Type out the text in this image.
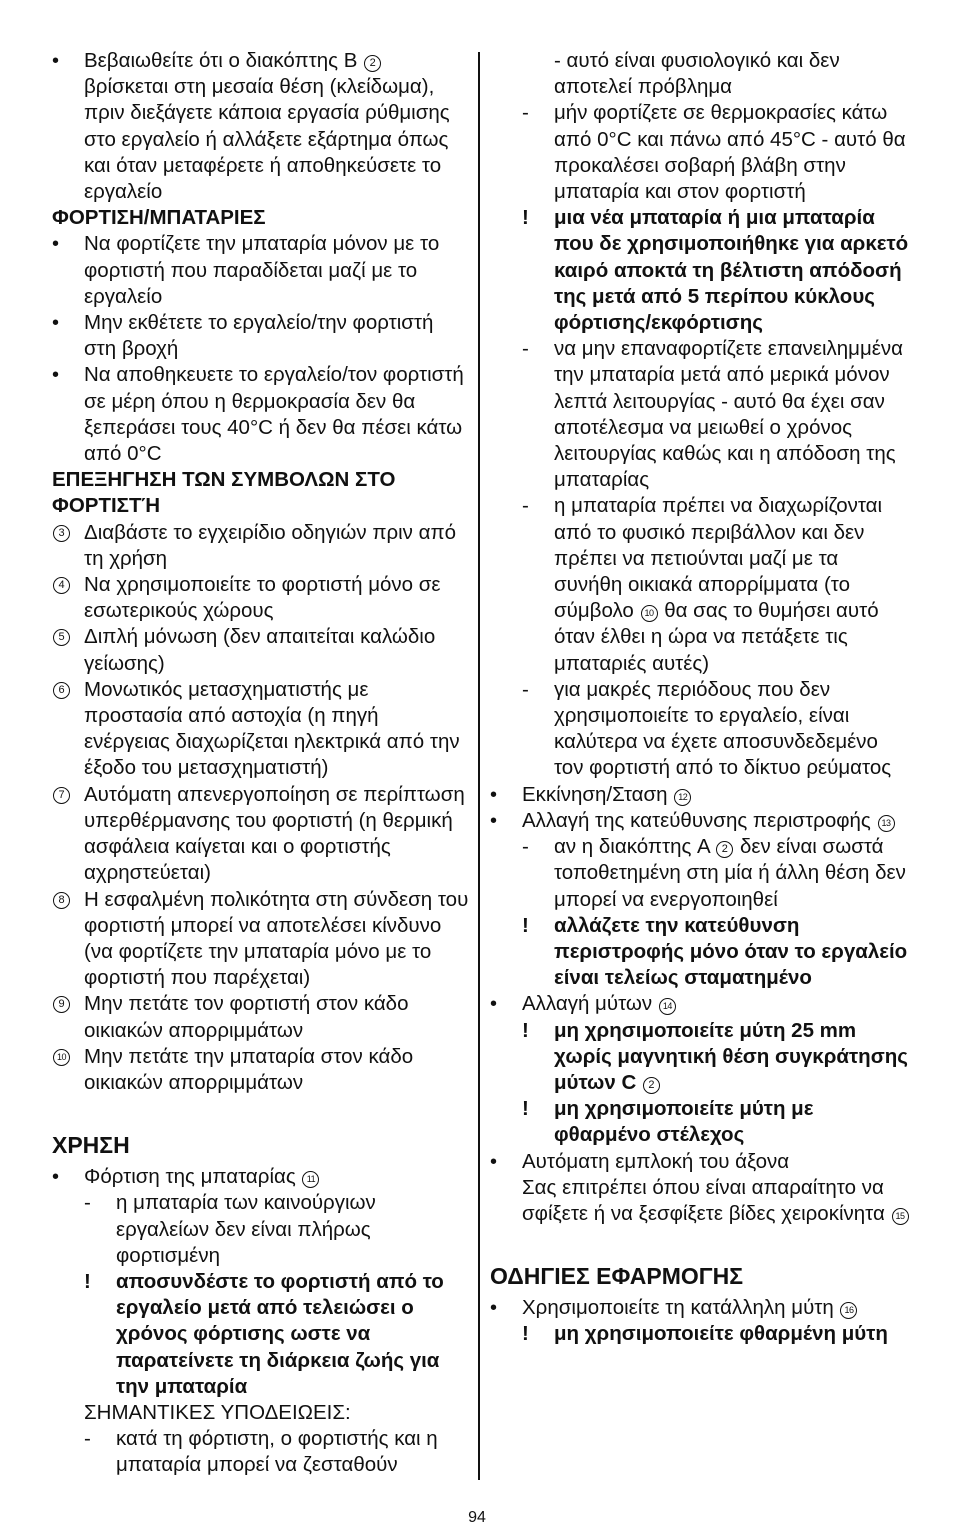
•	Βεβαιωθείτε ότι ο διακόπτης B 2 βρίσκεται στη μεσαία θέση (κλείδωμα), πριν διεξάγετε κάποια εργασία ρύθμισης στο εργαλείο ή αλλάξετε εξάρτημα όπως και όταν μεταφέρετε ή αποθηκεύσετε το εργαλείο
ΦΟΡΤΙΣΗ/ΜΠΑΤΑΡΙΕΣ
•	Να φορτίζετε την μπαταρία μόνον με το φορτιστή που παραδίδεται μαζί με το εργαλείο
•	Μην εκθέτετε το εργαλείο/την φορτιστή στη βροχή
•	Να αποθηκευετε το εργαλείο/τον φορτιστή σε μέρη όπου η θερμοκρασία δεν θα ξεπεράσει τους 40°C ή δεν θα πέσει κάτω από 0°C
ΕΠΕΞΗΓΗΣΗ ΤΩΝ ΣΥΜΒΟΛΩΝ ΣΤΟ ΦΟΡΤΙΣΤΉ
3 Διαβάστε το εγχειρίδιο οδηγιών πριν από τη χρήση
4 Να χρησιμοποιείτε το φορτιστή μόνο σε εσωτερικούς χώρους
5 Διπλή μόνωση (δεν απαιτείται καλώδιο γείωσης)
6 Μονωτικός μετασχηματιστής με προστασία από αστοχία (η πηγή ενέργειας διαχωρίζεται ηλεκτρικά από την έξοδο του μετασχηματιστή)
7 Αυτόματη απενεργοποίηση σε περίπτωση υπερθέρμανσης του φορτιστή (η θερμική ασφάλεια καίγεται και ο φορτιστής αχρηστεύεται)
8 Η εσφαλμένη πολικότητα στη σύνδεση του φορτιστή μπορεί να αποτελέσει κίνδυνο (να φορτίζετε την μπαταρία μόνο με το φορτιστή που παρέχεται)
9 Μην πετάτε τον φορτιστή στον κάδο οικιακών απορριμμάτων
10 Μην πετάτε την μπαταρία στον κάδο οικιακών απορριμμάτων
ΧΡΗΣΗ
•	Φόρτιση της μπαταρίας 11
-	η μπαταρία των καινούργιων εργαλείων δεν είναι πλήρως φορτισμένη
!	αποσυνδέστε το φορτιστή από το εργαλείο μετά από τελειώσει ο χρόνος φόρτισης ωστε να παρατείνετε τη διάρκεια ζωής για την μπαταρία
ΣΗΜΑΝΤΙΚΕΣ ΥΠΟΔΕΙΩΕΙΣ:
-	κατά τη φόρτιστη, ο φορτιστής και η μπαταρία μπορεί να ζεσταθούν
- αυτό είναι φυσιολογικό και δεν αποτελεί πρόβλημα
-	μήν φορτίζετε σε θερμοκρασίες κάτω από 0°C και πάνω από 45°C - αυτό θα προκαλέσει σοβαρή βλάβη στην μπαταρία και στον φορτιστή
!	μια νέα μπαταρία ή μια μπαταρία που δε χρησιμοποιήθηκε για αρκετό καιρό αποκτά τη βέλτιστη απόδοσή της μετά από 5 περίπου κύκλους φόρτισης/εκφόρτισης
-	να μην επαναφορτίζετε επανειλημμένα την μπαταρία μετά από μερικά μόνον λεπτά λειτουργίας - αυτό θα έχει σαν αποτέλεσμα να μειωθεί ο χρόνος λειτουργίας καθώς και η απόδοση της μπαταρίας
-	η μπαταρία πρέπει να διαχωρίζονται από το φυσικό περιβάλλον και δεν πρέπει να πετιούνται μαζί με τα συνήθη οικιακά απορρίμματα (το σύμβολο 10 θα σας το θυμήσει αυτό όταν έλθει η ώρα να πετάξετε τις μπαταριές αυτές)
-	για μακρές περιόδους που δεν χρησιμοποιείτε το εργαλείο, είναι καλύτερα να έχετε αποσυνδεδεμένο τον φορτιστή από το δίκτυο ρεύματος
•	Εκκίνηση/Σταση 12
•	Αλλαγή της κατεύθυνσης περιστροφής 13
-	αν η διακόπτης A 2 δεν είναι σωστά τοποθετημένη στη μία ή άλλη θέση δεν μπορεί να ενεργοποιηθεί
!	αλλάζετε την κατεύθυνση περιστροφής μόνο όταν το εργαλείο είναι τελείως σταματημένο
•	Αλλαγή μύτων 14
!	μη χρησιμοποιείτε μύτη 25 mm χωρίς μαγνητική θέση συγκράτησης μύτων C 2
!	μη χρησιμοποιείτε μύτη με φθαρμένο στέλεχος
•	Αυτόματη εμπλοκή του άξονα
Σας επιτρέπει όπου είναι απαραίτητο να σφίξετε ή να ξεσφίξετε βίδες χειροκίνητα 15
ΟΔΗΓΙΕΣ ΕΦΑΡΜΟΓΗΣ
•	Χρησιμοποιείτε τη κατάλληλη μύτη 16
!	μη χρησιμοποιείτε φθαρμένη μύτη
94
